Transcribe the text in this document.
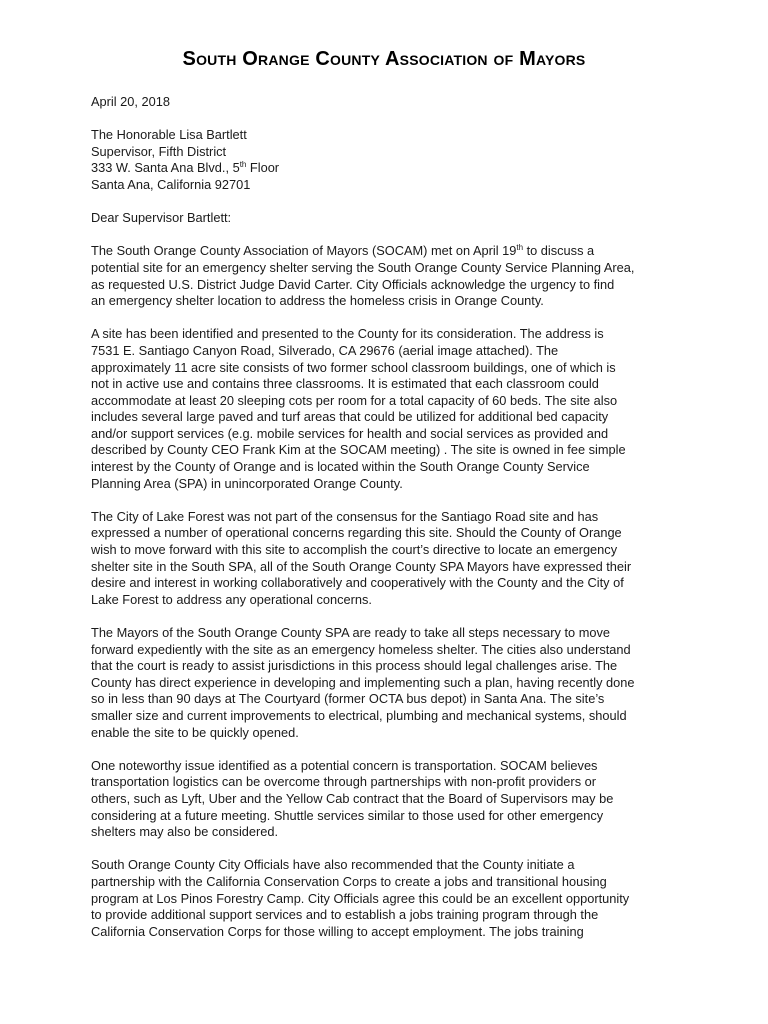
South Orange County Association of Mayors

April 20, 2018

The Honorable Lisa Bartlett
Supervisor, Fifth District
333 W. Santa Ana Blvd., 5th Floor
Santa Ana, California 92701

Dear Supervisor Bartlett:

The South Orange County Association of Mayors (SOCAM) met on April 19th to discuss a
potential site for an emergency shelter serving the South Orange County Service Planning Area,
as requested U.S. District Judge David Carter. City Officials acknowledge the urgency to find
an emergency shelter location to address the homeless crisis in Orange County.

A site has been identified and presented to the County for its consideration. The address is
7531 E. Santiago Canyon Road, Silverado, CA 29676 (aerial image attached). The
approximately 11 acre site consists of two former school classroom buildings, one of which is
not in active use and contains three classrooms. It is estimated that each classroom could
accommodate at least 20 sleeping cots per room for a total capacity of 60 beds. The site also
includes several large paved and turf areas that could be utilized for additional bed capacity
and/or support services (e.g. mobile services for health and social services as provided and
described by County CEO Frank Kim at the SOCAM meeting) . The site is owned in fee simple
interest by the County of Orange and is located within the South Orange County Service
Planning Area (SPA) in unincorporated Orange County.

The City of Lake Forest was not part of the consensus for the Santiago Road site and has
expressed a number of operational concerns regarding this site. Should the County of Orange
wish to move forward with this site to accomplish the court’s directive to locate an emergency
shelter site in the South SPA, all of the South Orange County SPA Mayors have expressed their
desire and interest in working collaboratively and cooperatively with the County and the City of
Lake Forest to address any operational concerns.

The Mayors of the South Orange County SPA are ready to take all steps necessary to move
forward expediently with the site as an emergency homeless shelter. The cities also understand
that the court is ready to assist jurisdictions in this process should legal challenges arise. The
County has direct experience in developing and implementing such a plan, having recently done
so in less than 90 days at The Courtyard (former OCTA bus depot) in Santa Ana. The site’s
smaller size and current improvements to electrical, plumbing and mechanical systems, should
enable the site to be quickly opened.

One noteworthy issue identified as a potential concern is transportation. SOCAM believes
transportation logistics can be overcome through partnerships with non-profit providers or
others, such as Lyft, Uber and the Yellow Cab contract that the Board of Supervisors may be
considering at a future meeting. Shuttle services similar to those used for other emergency
shelters may also be considered.

South Orange County City Officials have also recommended that the County initiate a
partnership with the California Conservation Corps to create a jobs and transitional housing
program at Los Pinos Forestry Camp. City Officials agree this could be an excellent opportunity
to provide additional support services and to establish a jobs training program through the
California Conservation Corps for those willing to accept employment. The jobs training
